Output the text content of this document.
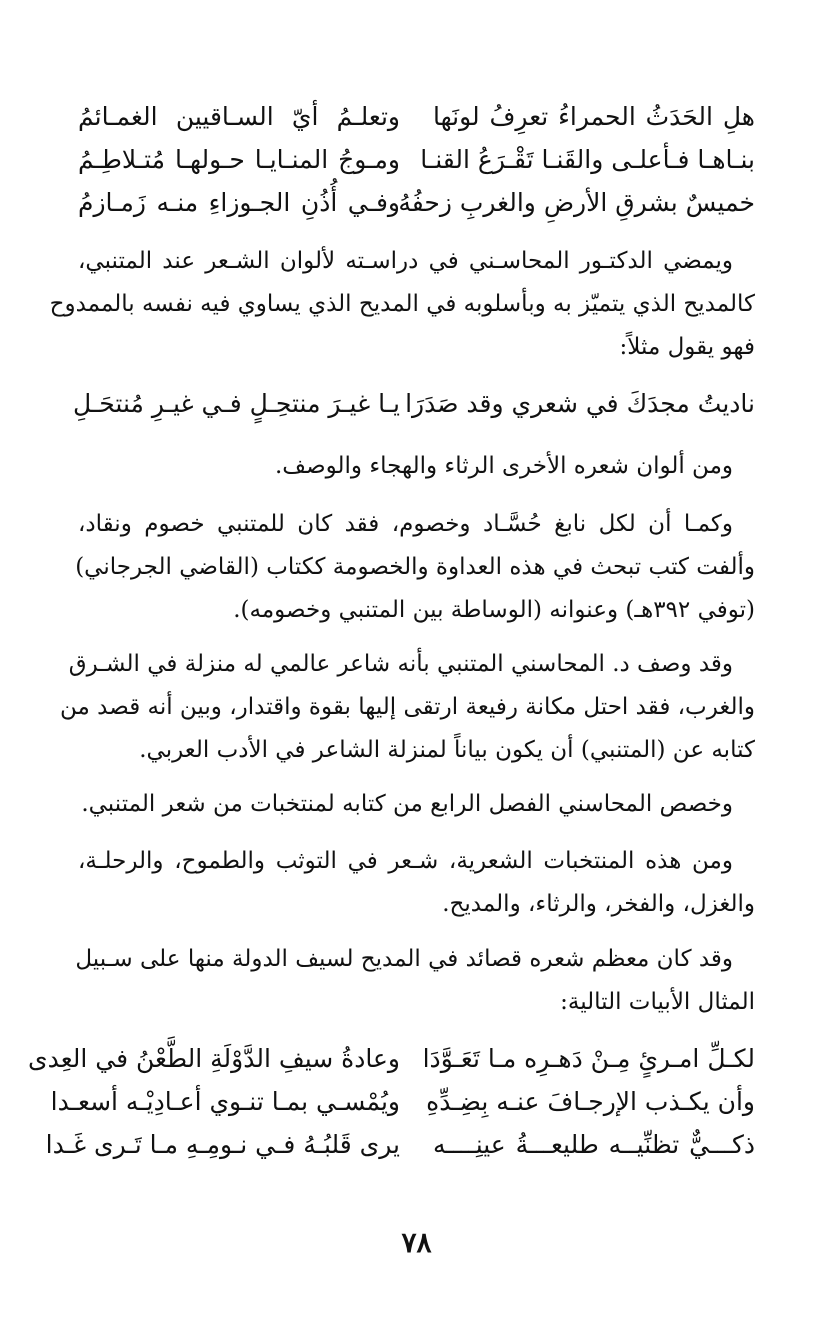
هلِ الحَدَثُ الحمراءُ تعرِفُ لونَها
وتعلـمُ أيّ السـاقيين الغمـائمُ
بنـاهـا فـأعلـى والقَنـا تَقْـرَعُ القنـا
ومـوجُ المنـايـا حـولهـا مُتـلاطِـمُ
خميسٌ بشرقِ الأرضِ والغربِ زحفُهُ
وفـي أُذُنِ الجـوزاءِ منـه زَمـازمُ
ويمضي الدكتـور المحاسـني في دراسـته لألوان الشـعر عند المتنبي،
كالمديح الذي يتميّز به وبأسلوبه في المديح الذي يساوي فيه نفسه بالممدوح
فهو يقول مثلاً:
ناديتُ مجدَكَ في شعري وقد صَدَرَا
يـا غيـرَ منتحِـلٍ فـي غيـرِ مُنتحَـلِ
ومن ألوان شعره الأخرى الرثاء والهجاء والوصف.
وكمـا أن لكل نابغ حُسَّـاد وخصوم، فقد كان للمتنبي خصوم ونقاد،
وألفت كتب تبحث في هذه العداوة والخصومة ككتاب (القاضي الجرجاني)
(توفي ٣٩٢هـ) وعنوانه (الوساطة بين المتنبي وخصومه).
وقد وصف د. المحاسني المتنبي بأنه شاعر عالمي له منزلة في الشـرق
والغرب، فقد احتل مكانة رفيعة ارتقى إليها بقوة واقتدار، وبين أنه قصد من
كتابه عن (المتنبي) أن يكون بياناً لمنزلة الشاعر في الأدب العربي.
وخصص المحاسني الفصل الرابع من كتابه لمنتخبات من شعر المتنبي.
ومن هذه المنتخبات الشعرية، شـعر في التوثب والطموح، والرحلـة،
والغزل، والفخر، والرثاء، والمديح.
وقد كان معظم شعره قصائد في المديح لسيف الدولة منها على سـبيل
المثال الأبيات التالية:
لكـلِّ امـرئٍ مِـنْ دَهـرِه مـا تَعَـوَّدَا
وعادةُ سيفِ الدَّوْلَةِ الطَّعْنُ في العِدى
وأن يكـذب الإرجـافَ عنـه بِضِـدِّهِ
ويُمْسـي بمـا تنـوي أعـادِيْـه أسعـدا
ذكـــيٌّ تظنِّيــه طليعـــةُ عينِــــه
يرى قَلبُـهُ فـي نـومِـهِ مـا تَـرى غَـدا
٧٨
